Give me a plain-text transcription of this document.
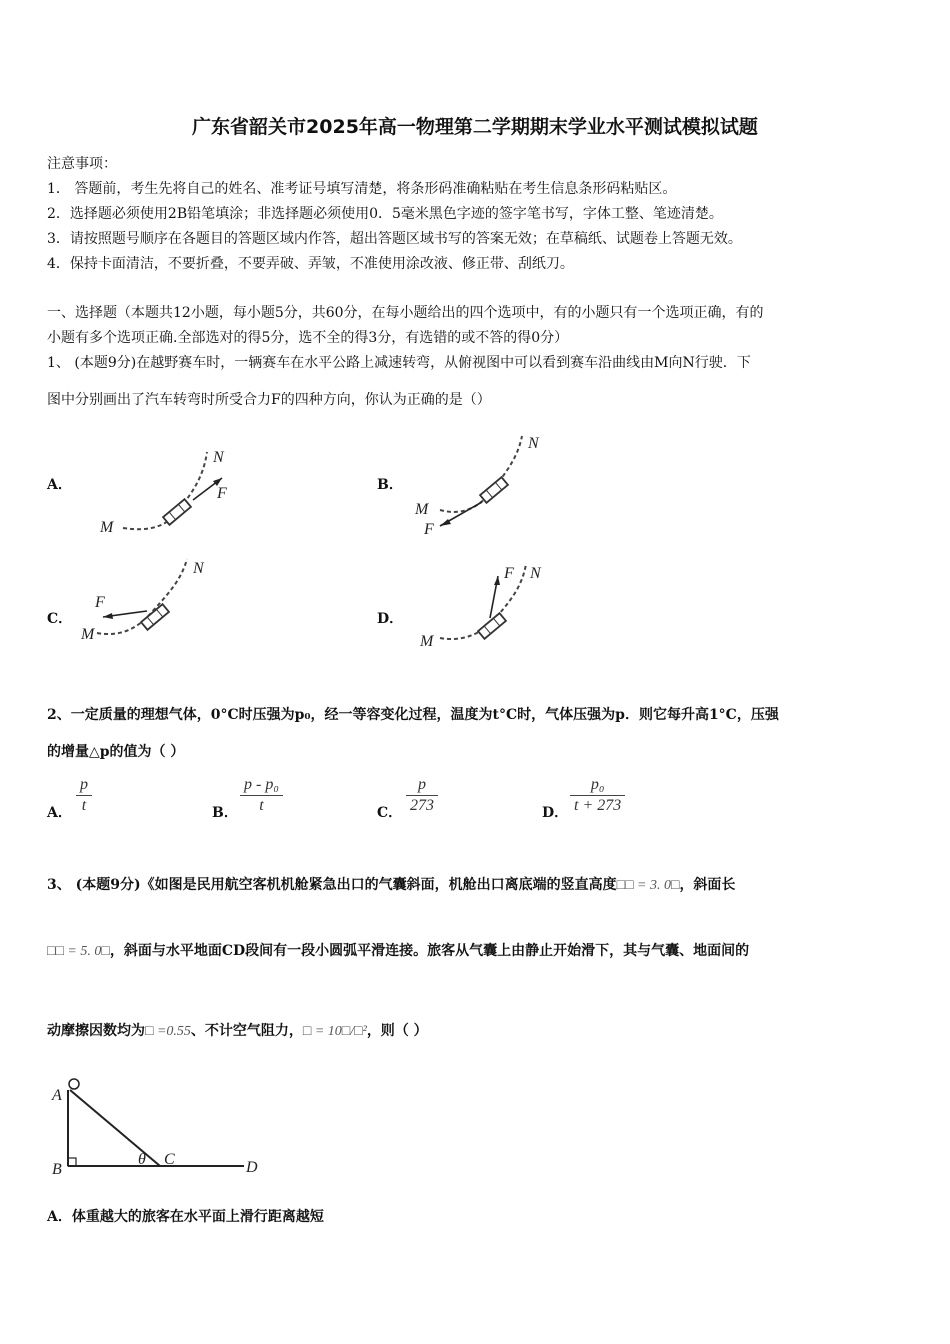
广东省韶关市2025年高一物理第二学期期末学业水平测试模拟试题
注意事项：
1． 答题前，考生先将自己的姓名、准考证号填写清楚，将条形码准确粘贴在考生信息条形码粘贴区。
2．选择题必须使用2B铅笔填涂；非选择题必须使用0．5毫米黑色字迹的签字笔书写，字体工整、笔迹清楚。
3．请按照题号顺序在各题目的答题区域内作答，超出答题区域书写的答案无效；在草稿纸、试题卷上答题无效。
4．保持卡面清洁，不要折叠，不要弄破、弄皱，不准使用涂改液、修正带、刮纸刀。
一、选择题（本题共12小题，每小题5分，共60分，在每小题给出的四个选项中，有的小题只有一个选项正确，有的
小题有多个选项正确.全部选对的得5分，选不全的得3分，有选错的或不答的得0分）
1、 (本题9分)在越野赛车时，一辆赛车在水平公路上减速转弯，从俯视图中可以看到赛车沿曲线由M向N行驶．下
图中分别画出了汽车转弯时所受合力F的四种方向，你认为正确的是（）
A．	B．
C．	D．
M
N
F
M
N
F
M
N
F
M
N
F
2、一定质量的理想气体，0°C时压强为p₀，经一等容变化过程，温度为t°C时，气体压强为p．则它每升高1°C，压强
的增量△p的值为（ ）
A．
p
t	B．
p - p₀
t	C．
p
273	D．
p₀
t + 273
3、 (本题9分)《如图是民用航空客机机舱紧急出口的气囊斜面，机舱出口离底端的竖直高度□□ = 3. 0□，斜面长
□□ = 5. 0□，斜面与水平地面CD段间有一段小圆弧平滑连接。旅客从气囊上由静止开始滑下，其与气囊、地面间的
动摩擦因数均为□ =0.55、不计空气阻力，□ = 10□/□²，则（ ）
A
B
θ C	D
A．体重越大的旅客在水平面上滑行距离越短
